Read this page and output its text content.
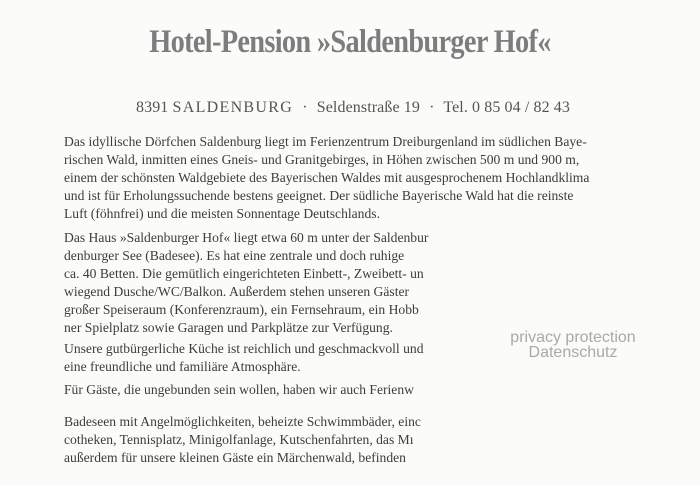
Hotel-Pension »Saldenburger Hof«
8391 SALDENBURG · Seldenstraße 19 · Tel. 0 85 04 / 82 43

Das idyllische Dörfchen Saldenburg liegt im Ferienzentrum Dreiburgenland im südlichen Baye-
rischen Wald, inmitten eines Gneis- und Granitgebirges, in Höhen zwischen 500 m und 900 m,
einem der schönsten Waldgebiete des Bayerischen Waldes mit ausgesprochenem Hochlandklima
und ist für Erholungssuchende bestens geeignet. Der südliche Bayerische Wald hat die reinste
Luft (föhnfrei) und die meisten Sonnentage Deutschlands.

Das Haus »Saldenburger Hof« liegt etwa 60 m unter der Saldenbur
denburger See (Badesee). Es hat eine zentrale und doch ruhige
ca. 40 Betten. Die gemütlich eingerichteten Einbett-, Zweibett- un
wiegend Dusche/WC/Balkon. Außerdem stehen unseren Gäster
großer Speiseraum (Konferenzraum), ein Fernsehraum, ein Hobb
ner Spielplatz sowie Garagen und Parkplätze zur Verfügung.

Unsere gutbürgerliche Küche ist reichlich und geschmackvoll und
eine freundliche und familiäre Atmosphäre.

Für Gäste, die ungebunden sein wollen, haben wir auch Ferienw

Badeseen mit Angelmöglichkeiten, beheizte Schwimmbäder, einc
cotheken, Tennisplatz, Minigolfanlage, Kutschenfahrten, das Mı
außerdem für unsere kleinen Gäste ein Märchenwald, befinden

privacy protection
Datenschutz
